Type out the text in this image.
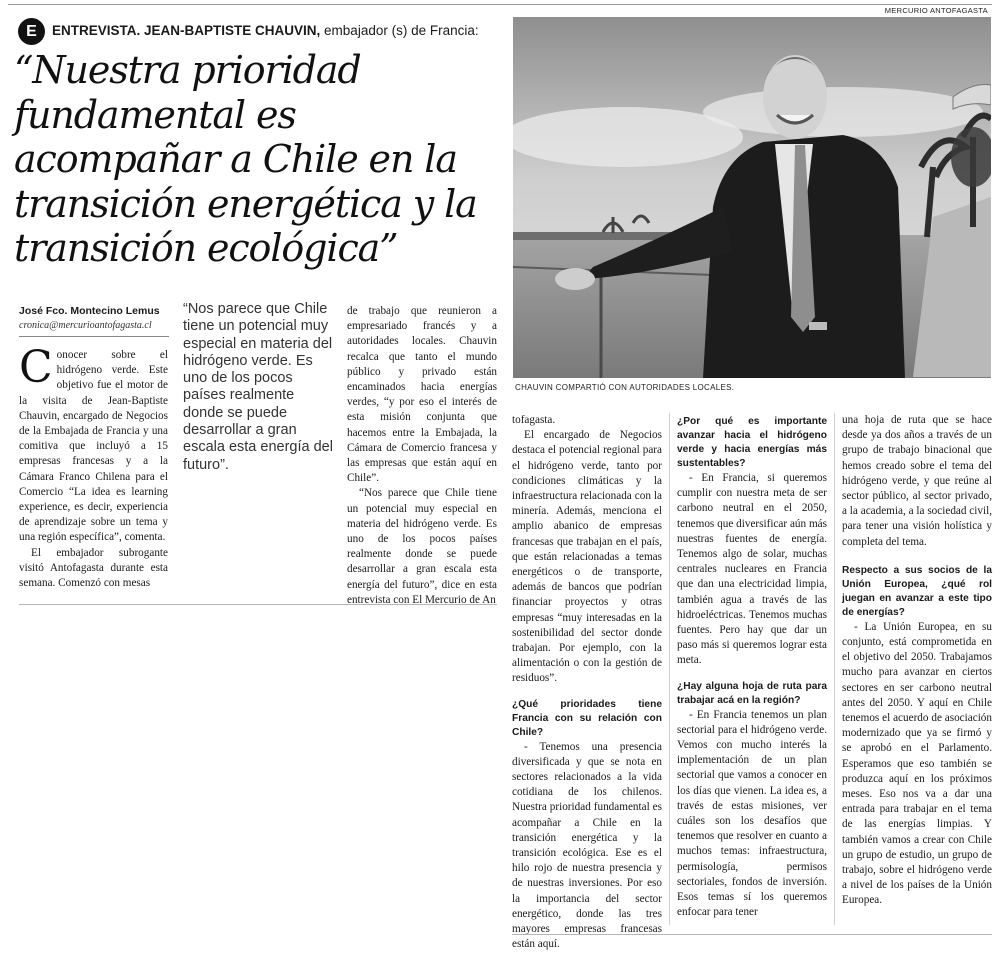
MERCURIO ANTOFAGASTA
E	ENTREVISTA. JEAN-BAPTISTE CHAUVIN, embajador (s) de Francia:
“Nuestra prioridad fundamental es acompañar a Chile en la transición energética y la transición ecológica”
José Fco. Montecino Lemus
cronica@mercurioantofagasta.cl

Conocer sobre el hidrógeno verde. Este objetivo fue el motor de la visita de Jean-Baptiste Chauvin, encargado de Negocios de la Embajada de Francia y una comitiva que incluyó a 15 empresas francesas y a la Cámara Franco Chilena para el Comercio “La idea es learning experience, es decir, experiencia de aprendizaje sobre un tema y una región específica”, comenta.

El embajador subrogante visitó Antofagasta durante esta semana. Comenzó con mesas

“Nos parece que Chile tiene un potencial muy especial en materia del hidrógeno verde. Es uno de los pocos países realmente donde se puede desarrollar a gran escala esta energía del futuro”.

de trabajo que reunieron a empresariado francés y a autoridades locales. Chauvin recalca que tanto el mundo público y privado están encaminados hacia energías verdes, “y por eso el interés de esta misión conjunta que hacemos entre la Embajada, la Cámara de Comercio francesa y las empresas que están aquí en Chile”.

“Nos parece que Chile tiene un potencial muy especial en materia del hidrógeno verde. Es uno de los pocos países realmente donde se puede desarrollar a gran escala esta energía del futuro”, dice en esta entrevista con El Mercurio de An

CHAUVIN COMPARTIÓ CON AUTORIDADES LOCALES.

tofagasta.

El encargado de Negocios destaca el potencial regional para el hidrógeno verde, tanto por condiciones climáticas y la infraestructura relacionada con la minería. Además, menciona el amplio abanico de empresas francesas que trabajan en el país, que están relacionadas a temas energéticos o de transporte, además de bancos que podrían financiar proyectos y otras empresas “muy interesadas en la sostenibilidad del sector donde trabajan. Por ejemplo, con la alimentación o con la gestión de residuos”.

¿Qué prioridades tiene Francia con su relación con Chile?

- Tenemos una presencia diversificada y que se nota en sectores relacionados a la vida cotidiana de los chilenos. Nuestra prioridad fundamental es acompañar a Chile en la transición energética y la transición ecológica. Ese es el hilo rojo de nuestra presencia y de nuestras inversiones. Por eso la importancia del sector energético, donde las tres mayores empresas francesas están aquí.

¿Por qué es importante avanzar hacia el hidrógeno verde y hacia energías más sustentables?

- En Francia, si queremos cumplir con nuestra meta de ser carbono neutral en el 2050, tenemos que diversificar aún más nuestras fuentes de energía. Tenemos algo de solar, muchas centrales nucleares en Francia que dan una electricidad limpia, también agua a través de las hidroeléctricas. Tenemos muchas fuentes. Pero hay que dar un paso más si queremos lograr esta meta.

¿Hay alguna hoja de ruta para trabajar acá en la región?

- En Francia tenemos un plan sectorial para el hidrógeno verde. Vemos con mucho interés la implementación de un plan sectorial que vamos a conocer en los días que vienen. La idea es, a través de estas misiones, ver cuáles son los desafíos que tenemos que resolver en cuanto a muchos temas: infraestructura, permisología, permisos sectoriales, fondos de inversión. Esos temas sí los queremos enfocar para tener

una hoja de ruta que se hace desde ya dos años a través de un grupo de trabajo binacional que hemos creado sobre el tema del hidrógeno verde, y que reúne al sector público, al sector privado, a la academia, a la sociedad civil, para tener una visión holística y completa del tema.

Respecto a sus socios de la Unión Europea, ¿qué rol juegan en avanzar a este tipo de energías?

- La Unión Europea, en su conjunto, está comprometida en el objetivo del 2050. Trabajamos mucho para avanzar en ciertos sectores en ser carbono neutral antes del 2050. Y aquí en Chile tenemos el acuerdo de asociación modernizado que ya se firmó y se aprobó en el Parlamento. Esperamos que eso también se produzca aquí en los próximos meses. Eso nos va a dar una entrada para trabajar en el tema de las energías limpias. Y también vamos a crear con Chile un grupo de estudio, un grupo de trabajo, sobre el hidrógeno verde a nivel de los países de la Unión Europea.
